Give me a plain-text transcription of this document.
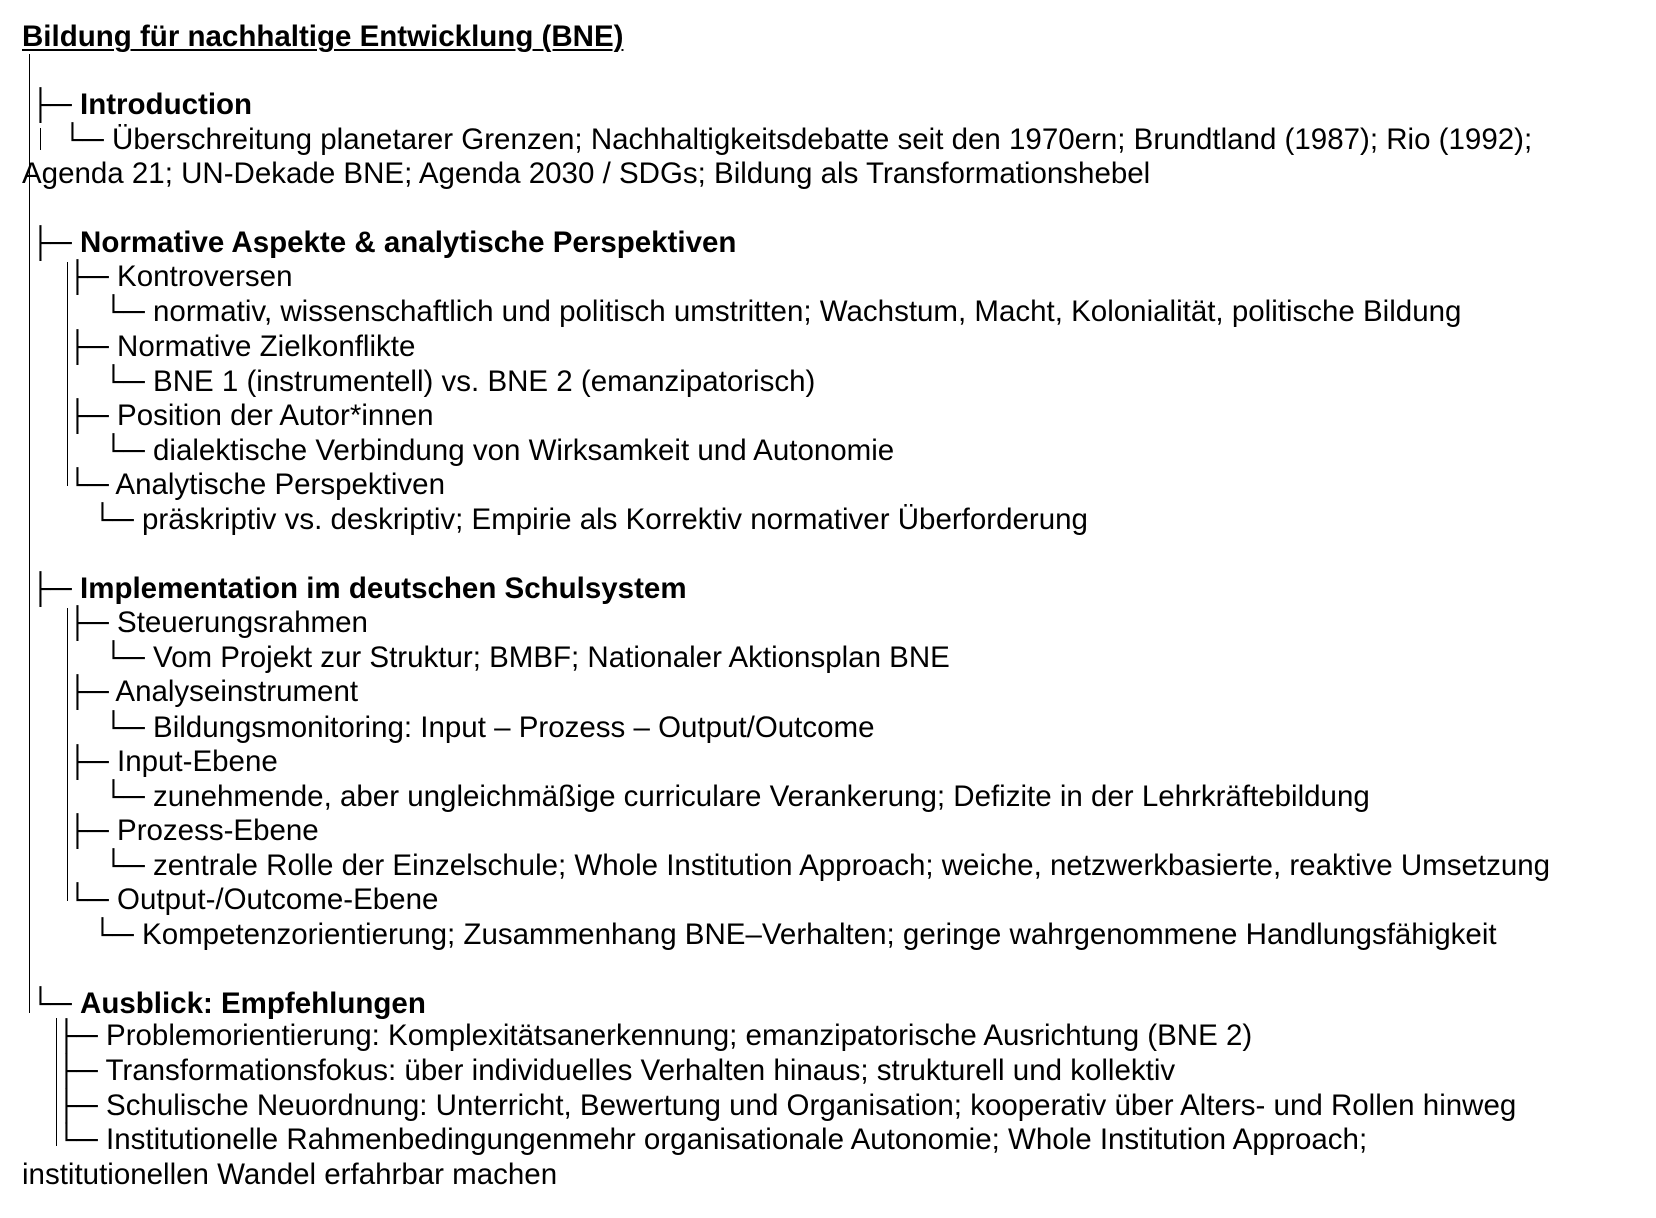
Bildung für nachhaltige Entwicklung (BNE)
├─ Introduction
└─ Überschreitung planetarer Grenzen; Nachhaltigkeitsdebatte seit den 1970ern; Brundtland (1987); Rio (1992);
Agenda 21; UN-Dekade BNE; Agenda 2030 / SDGs; Bildung als Transformationshebel
├─ Normative Aspekte & analytische Perspektiven
├─ Kontroversen
└─ normativ, wissenschaftlich und politisch umstritten; Wachstum, Macht, Kolonialität, politische Bildung
├─ Normative Zielkonflikte
└─ BNE 1 (instrumentell) vs. BNE 2 (emanzipatorisch)
├─ Position der Autor*innen
└─ dialektische Verbindung von Wirksamkeit und Autonomie
└─ Analytische Perspektiven
└─ präskriptiv vs. deskriptiv; Empirie als Korrektiv normativer Überforderung
├─ Implementation im deutschen Schulsystem
├─ Steuerungsrahmen
└─ Vom Projekt zur Struktur; BMBF; Nationaler Aktionsplan BNE
├─ Analyseinstrument
└─ Bildungsmonitoring: Input – Prozess – Output/Outcome
├─ Input-Ebene
└─ zunehmende, aber ungleichmäßige curriculare Verankerung; Defizite in der Lehrkräftebildung
├─ Prozess-Ebene
└─ zentrale Rolle der Einzelschule; Whole Institution Approach; weiche, netzwerkbasierte, reaktive Umsetzung
└─ Output-/Outcome-Ebene
└─ Kompetenzorientierung; Zusammenhang BNE–Verhalten; geringe wahrgenommene Handlungsfähigkeit
└─ Ausblick: Empfehlungen
├─ Problemorientierung: Komplexitätsanerkennung; emanzipatorische Ausrichtung (BNE 2)
├─ Transformationsfokus: über individuelles Verhalten hinaus; strukturell und kollektiv
├─ Schulische Neuordnung: Unterricht, Bewertung und Organisation; kooperativ über Alters- und Rollen hinweg
└─ Institutionelle Rahmenbedingungenmehr organisationale Autonomie; Whole Institution Approach;
institutionellen Wandel erfahrbar machen
